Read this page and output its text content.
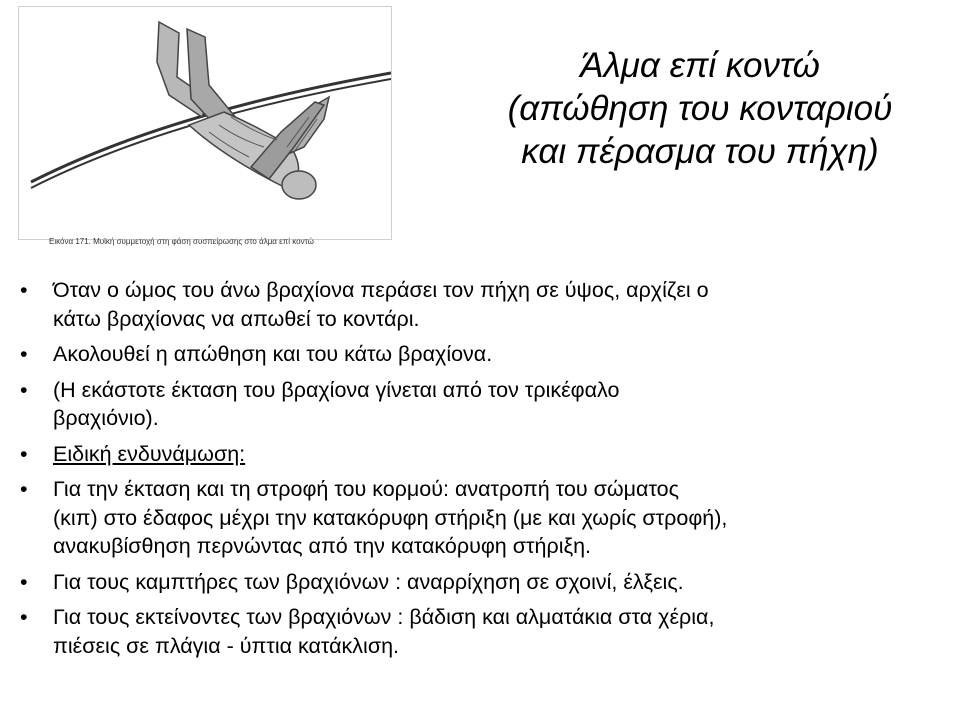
Εικόνα 171. Μυϊκή συμμετοχή στη φάση συσπείρωσης στο άλμα επί κοντώ
Άλμα επί κοντώ
(απώθηση του κονταριού
και πέρασμα του πήχη)
• Όταν ο ώμος του άνω βραχίονα περάσει τον πήχη σε ύψος, αρχίζει ο
κάτω βραχίονας να απωθεί το κοντάρι.
• Ακολουθεί η απώθηση και του κάτω βραχίονα.
• (Η εκάστοτε έκταση του βραχίονα γίνεται από τον τρικέφαλο
βραχιόνιο).
• Ειδική ενδυνάμωση:
• Για την έκταση και τη στροφή του κορμού: ανατροπή του σώματος
(κιπ) στο έδαφος μέχρι την κατακόρυφη στήριξη (με και χωρίς στροφή),
ανακυβίσθηση περνώντας από την κατακόρυφη στήριξη.
• Για τους καμπτήρες των βραχιόνων : αναρρίχηση σε σχοινί, έλξεις.
• Για τους εκτείνοντες των βραχιόνων : βάδιση και αλματάκια στα χέρια,
πιέσεις σε πλάγια - ύπτια κατάκλιση.
